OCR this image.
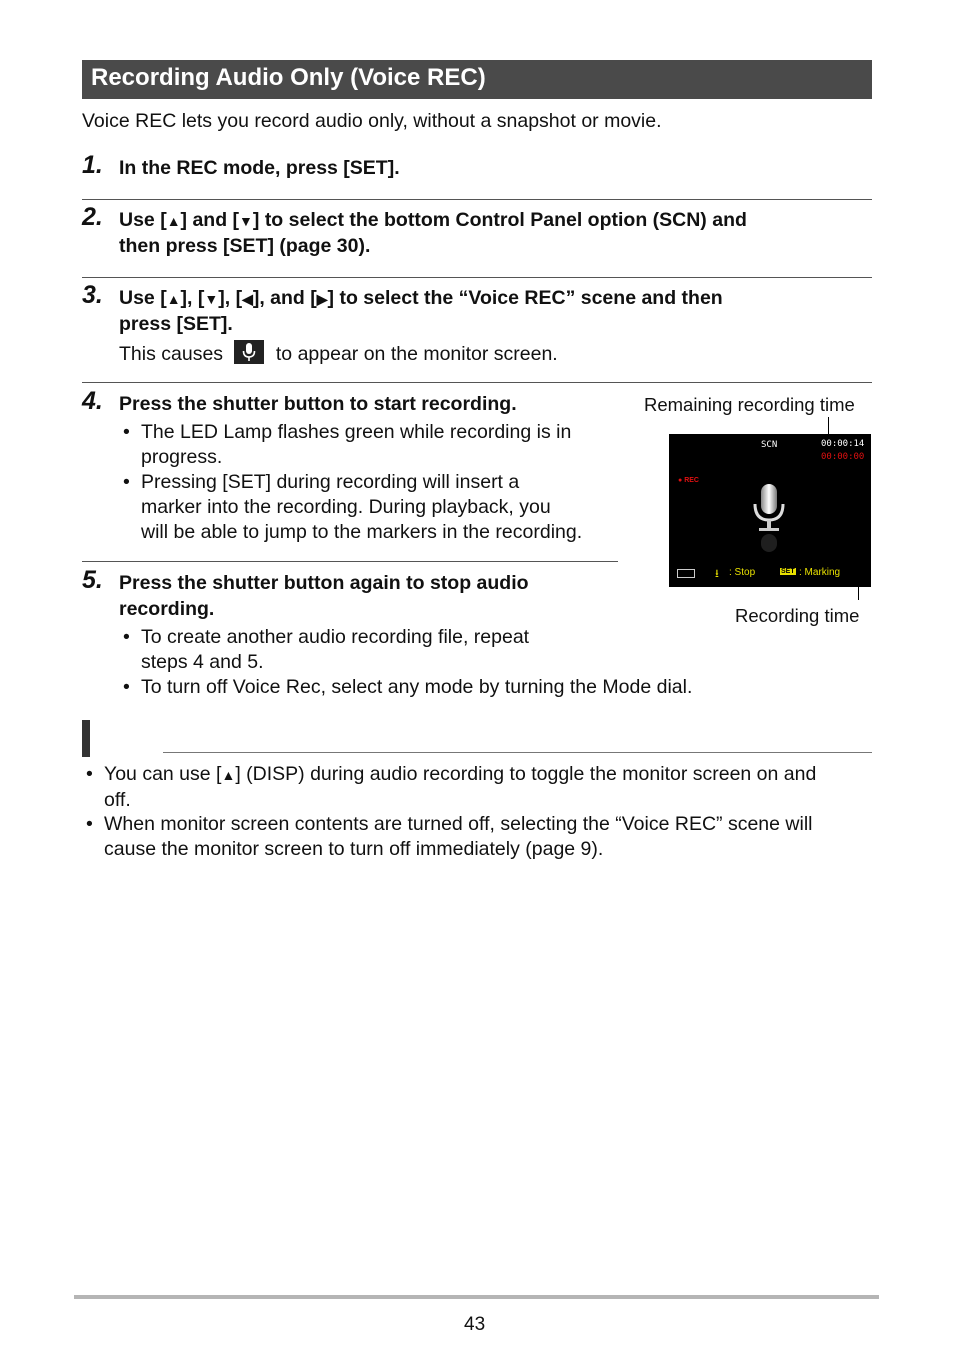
Recording Audio Only (Voice REC)
Voice REC lets you record audio only, without a snapshot or movie.
1. In the REC mode, press [SET].
2. Use [▲] and [▼] to select the bottom Control Panel option (SCN) and
then press [SET] (page 30).
3. Use [▲], [▼], [◀], and [▶] to select the “Voice REC” scene and then
press [SET].
This causes	to appear on the monitor screen.
4. Press the shutter button to start recording.
• The LED Lamp flashes green while recording is in
progress.
• Pressing [SET] during recording will insert a
marker into the recording. During playback, you
will be able to jump to the markers in the recording.
Remaining recording time
SCN	00:00:14
00:00:00
● REC
⭳ : Stop	SET : Marking
Recording time
5. Press the shutter button again to stop audio
recording.
• To create another audio recording file, repeat
steps 4 and 5.
• To turn off Voice Rec, select any mode by turning the Mode dial.
• You can use [▲] (DISP) during audio recording to toggle the monitor screen on and
off.
• When monitor screen contents are turned off, selecting the “Voice REC” scene will
cause the monitor screen to turn off immediately (page 9).
43
